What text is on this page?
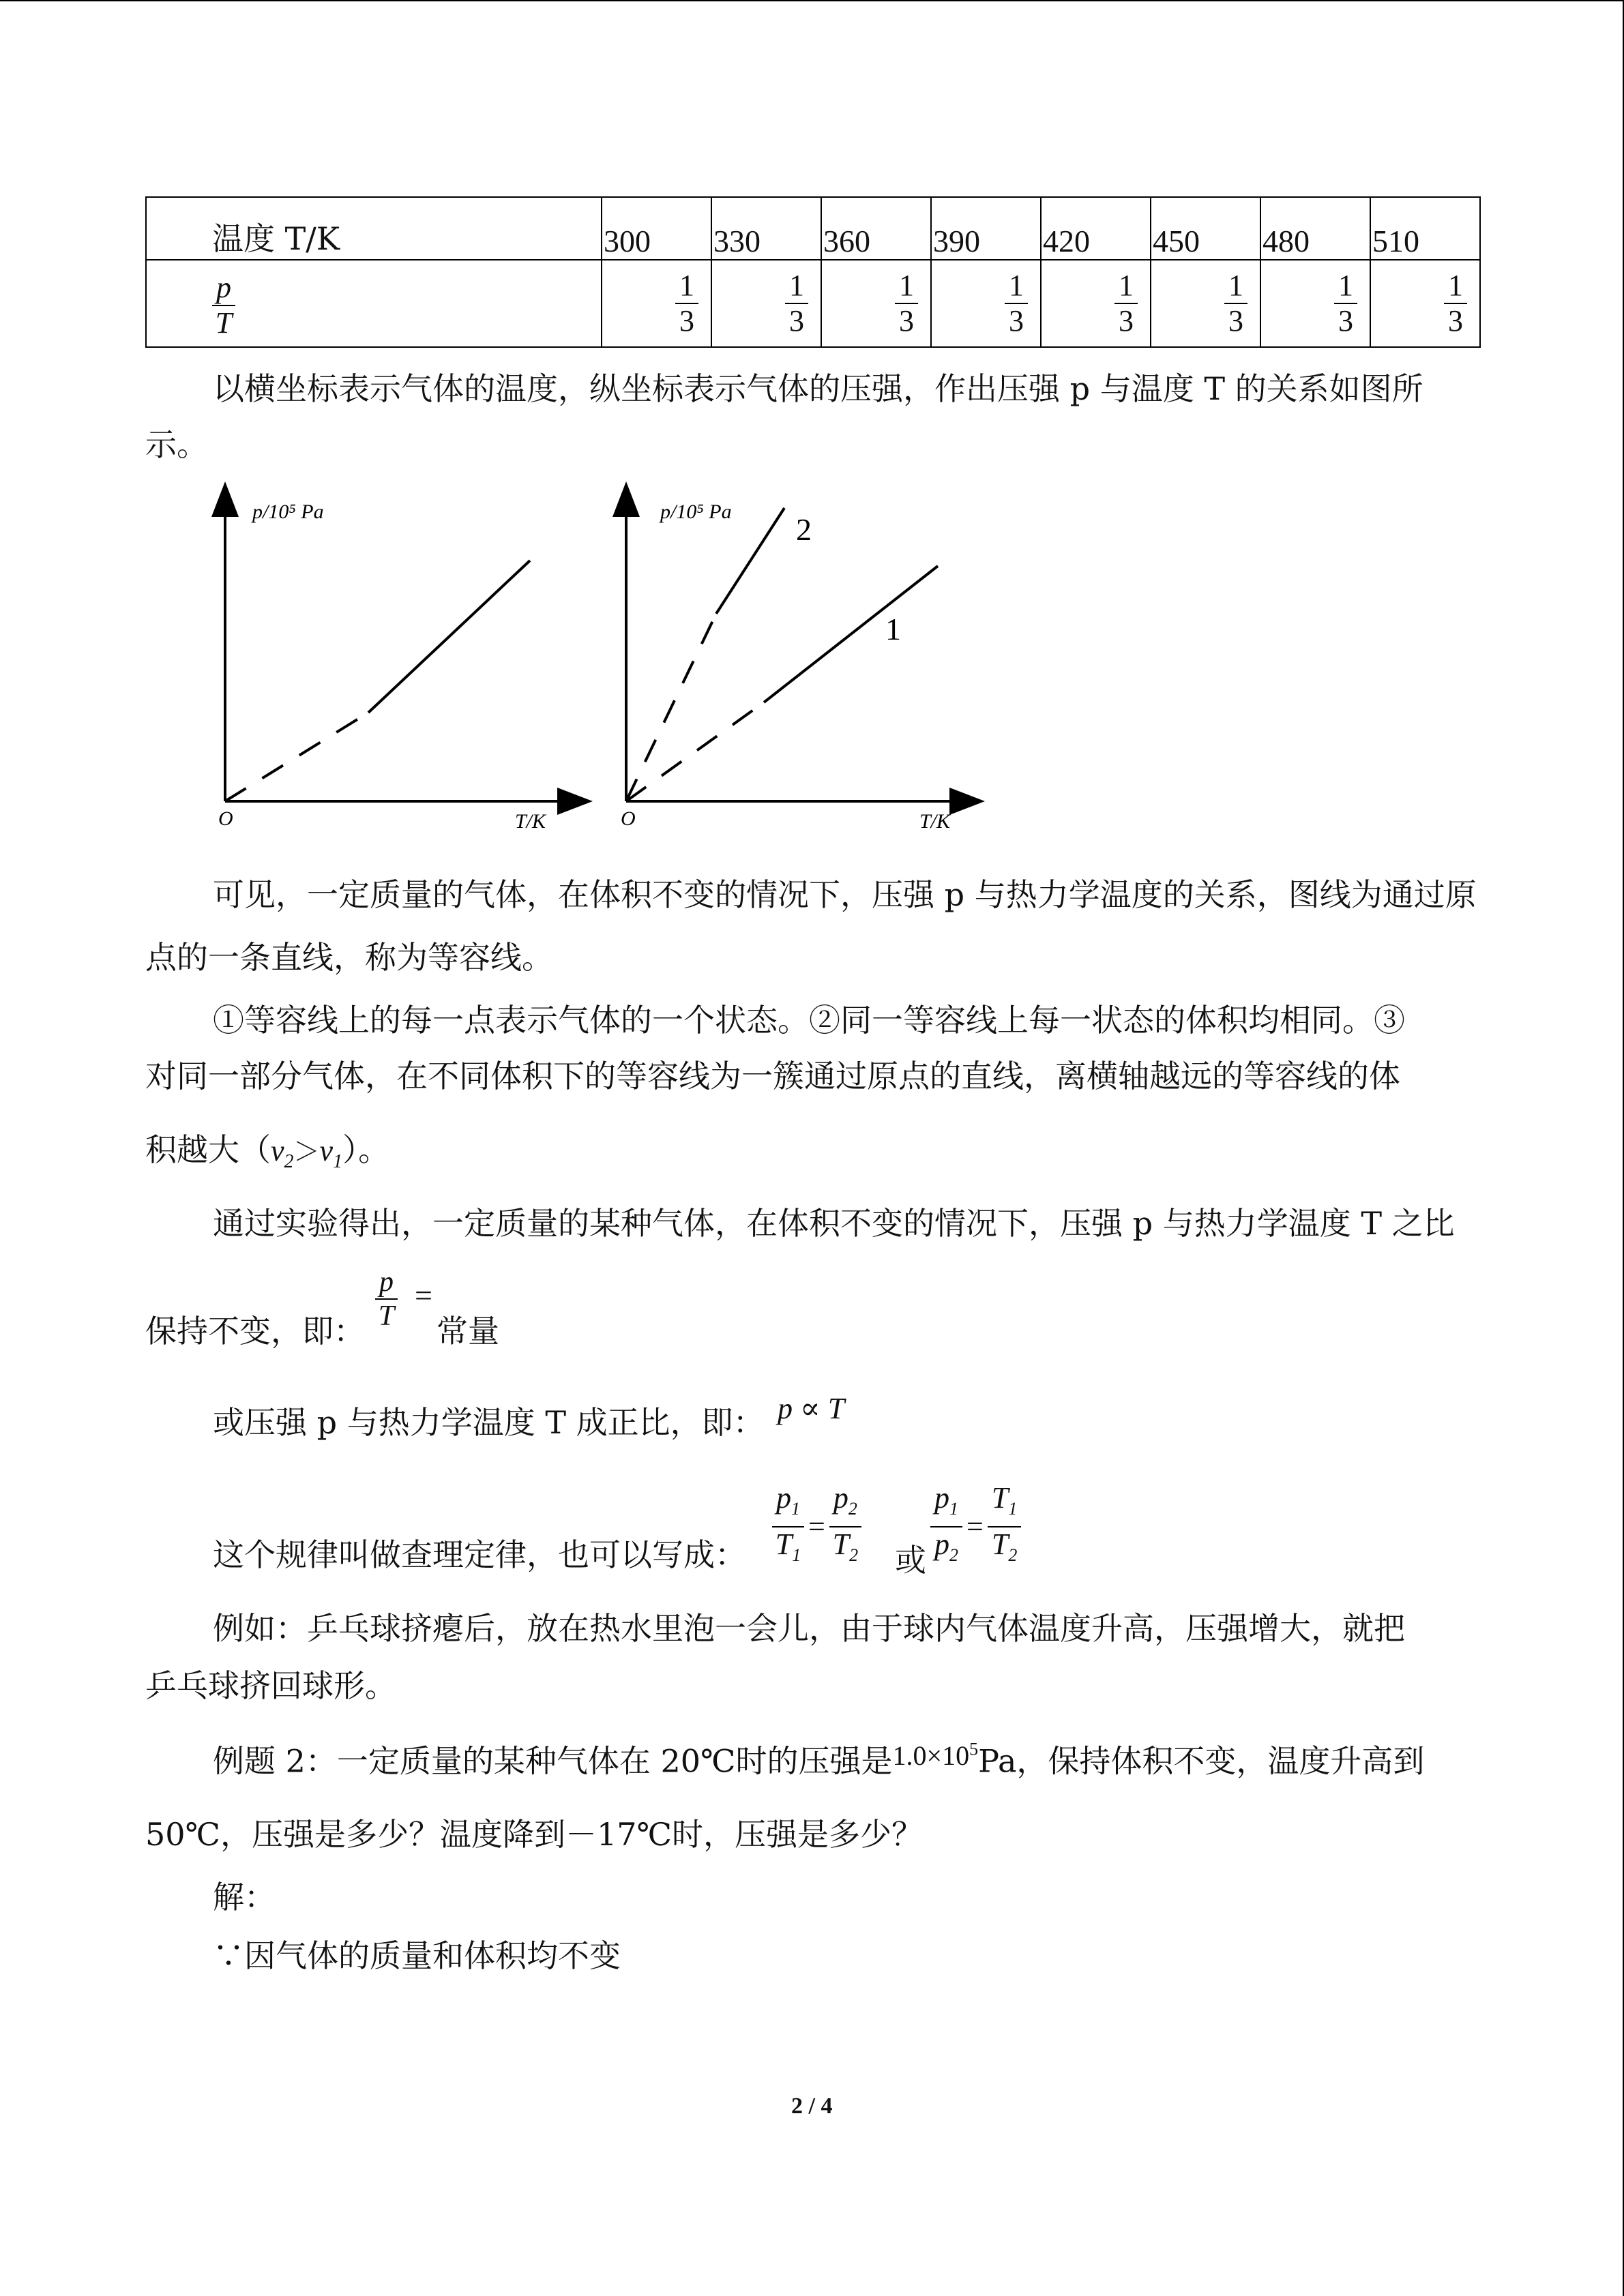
温度 T/K	300	330	360	390	420	450	480	510

$\frac{p}{T}$	$\frac{1}{3}$	$\frac{1}{3}$	$\frac{1}{3}$	$\frac{1}{3}$	$\frac{1}{3}$	$\frac{1}{3}$	$\frac{1}{3}$	$\frac{1}{3}$
以横坐标表示气体的温度，纵坐标表示气体的压强，作出压强 p 与温度 T 的关系如图所
示。
p/10⁵ Pa
T/K
O
p/10⁵ Pa
T/K
O
1
2
可见，一定质量的气体，在体积不变的情况下，压强 p 与热力学温度的关系，图线为通过原
点的一条直线，称为等容线。
①等容线上的每一点表示气体的一个状态。②同一等容线上每一状态的体积均相同。③
对同一部分气体，在不同体积下的等容线为一簇通过原点的直线，离横轴越远的等容线的体
积越大$(v_2>v_1)$。
通过实验得出，一定质量的某种气体，在体积不变的情况下，压强 p 与热力学温度 T 之比
保持不变，即： $\frac{p}{T}$ =
常量
或压强 p 与热力学温度 T 成正比，即： p ∝ T
这个规律叫做查理定律，也可以写成： $\frac{p_1}{T_1} = \frac{p_2}{T_2}$ 或 $\frac{p_1}{p_2} = \frac{T_1}{T_2}$
例如：乒乓球挤瘪后，放在热水里泡一会儿，由于球内气体温度升高，压强增大，就把
乒乓球挤回球形。
例题 2：一定质量的某种气体在 20℃时的压强是$1.0\times 10^5Pa$，保持体积不变，温度升高到
50℃，压强是多少？温度降到－17℃时，压强是多少？
解：
∵因气体的质量和体积均不变
2 / 4
